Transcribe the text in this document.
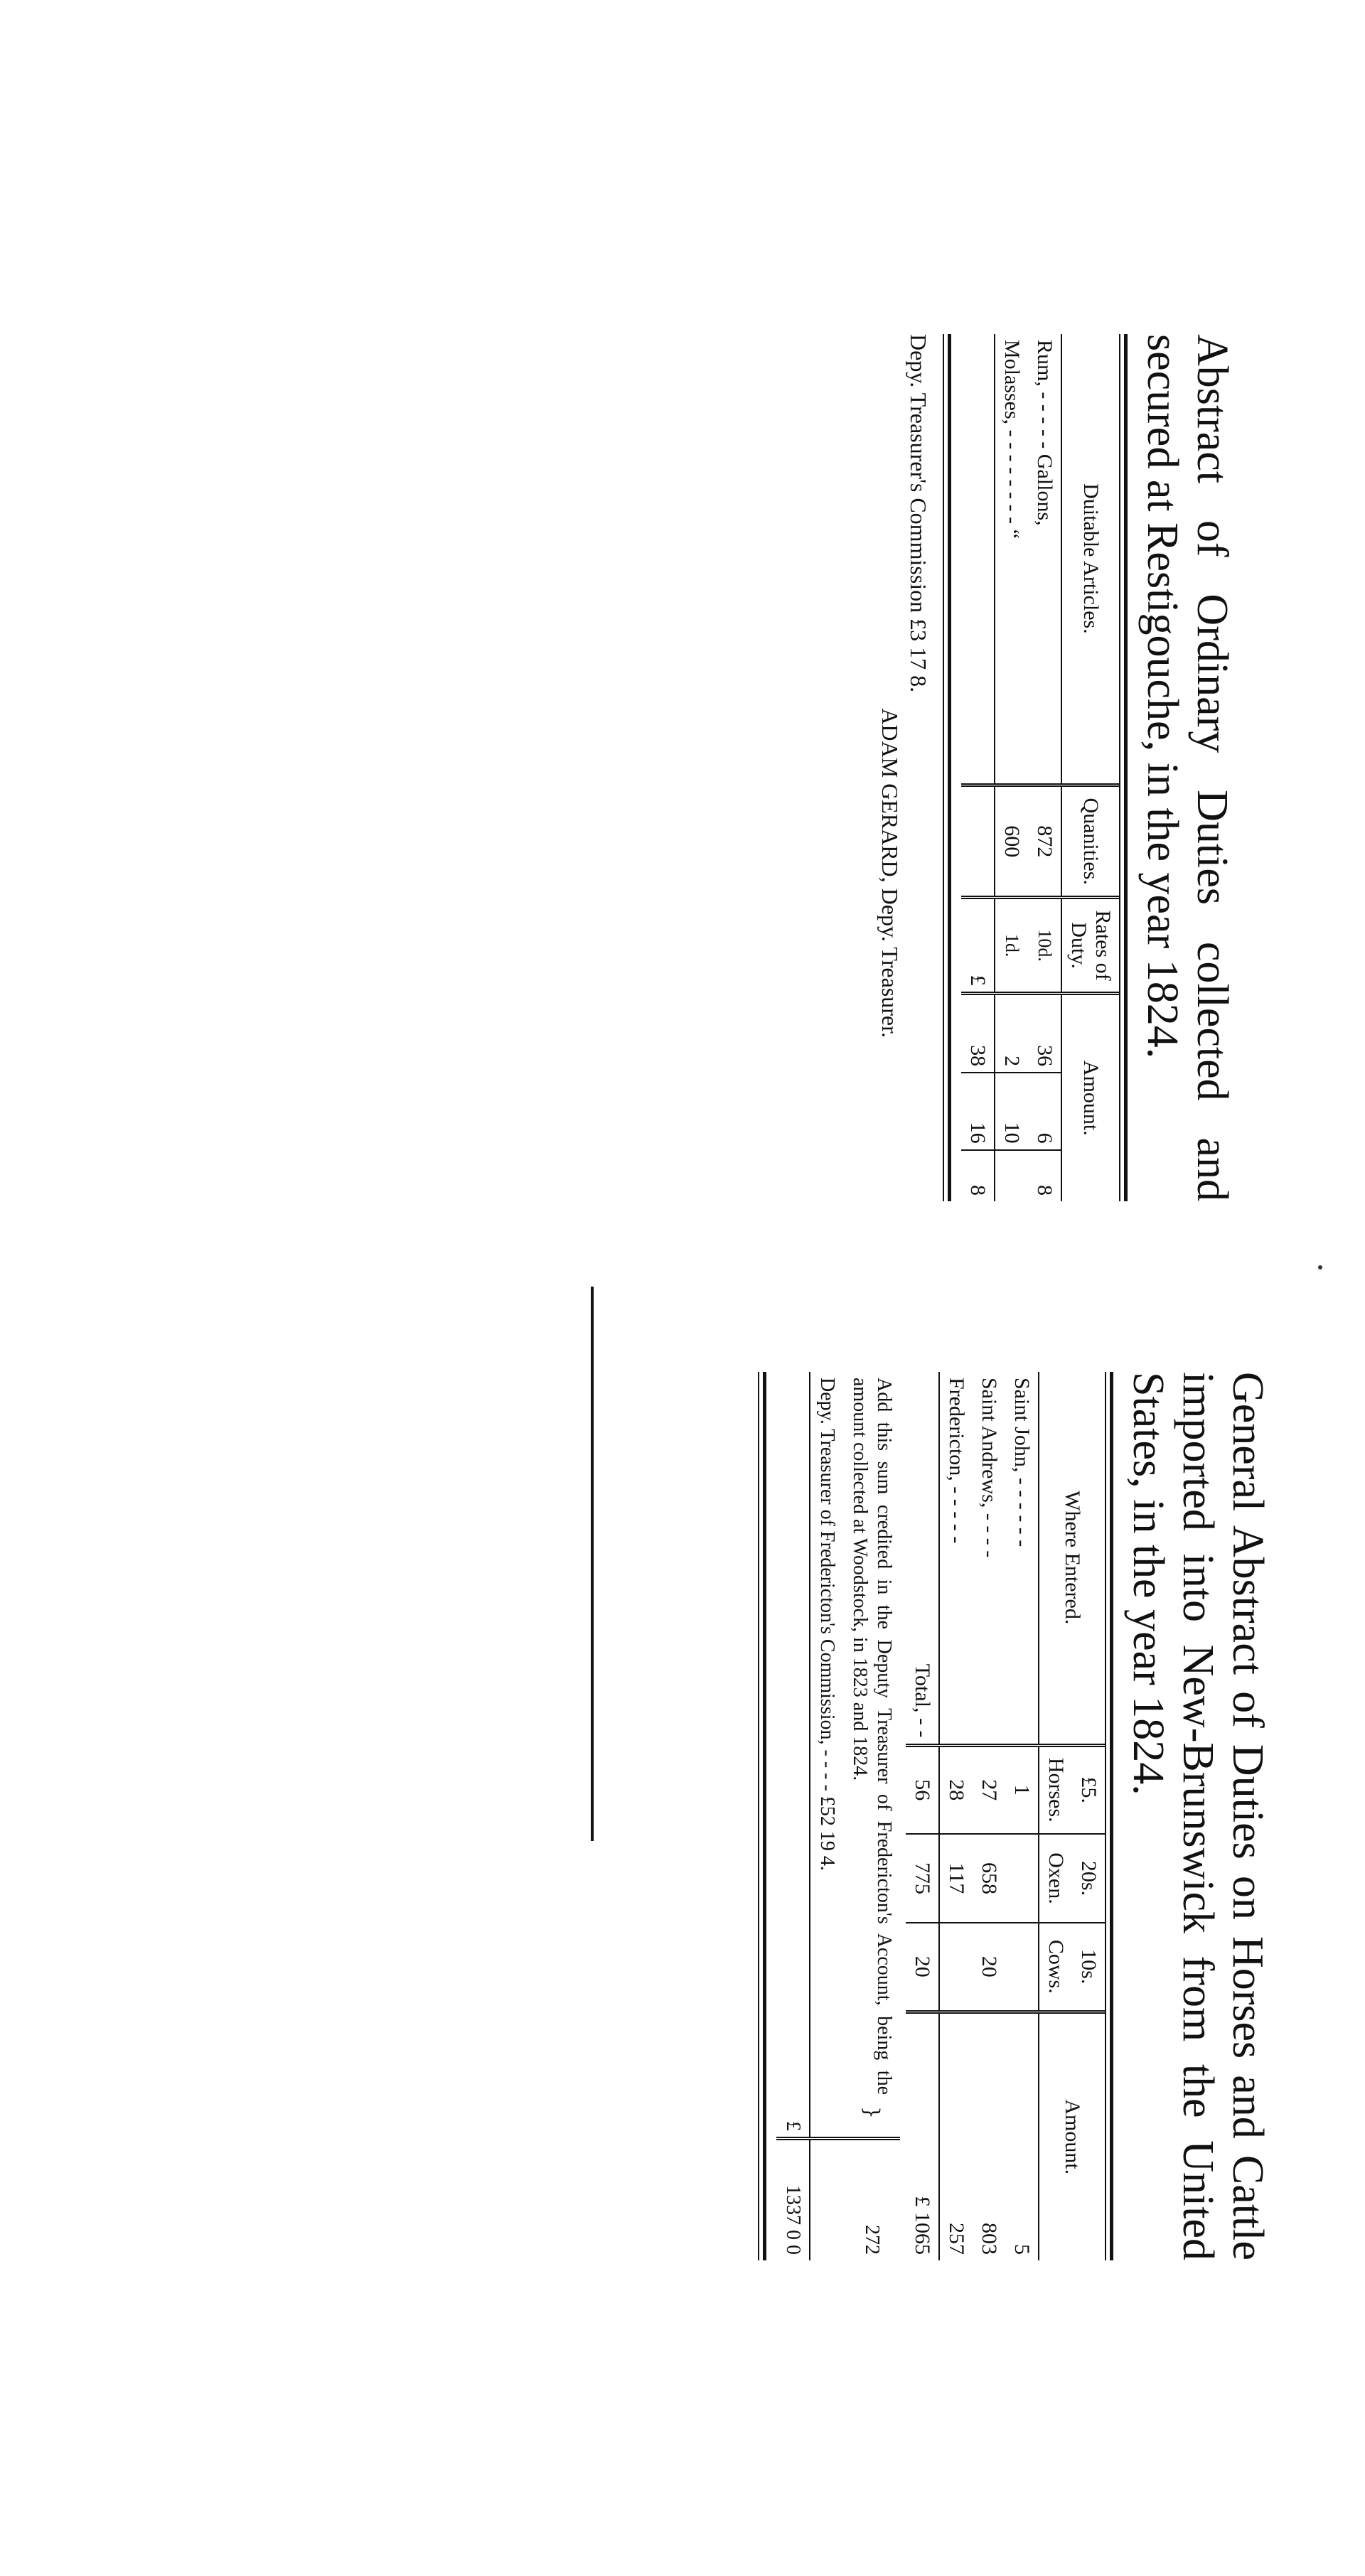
Abstract of Ordinary Duties collected and secured at Restigouche, in the year 1824.
Duitable Articles.	Quanities.	Rates of Duty.	Amount.		
Rum, - - - - - Gallons,	872	10d.	36	6	8
Molasses, - - - - - - - - “	600	1d.	2	10	
		£	38	16	8
Depy. Treasurer's Commission £3 17 8.
ADAM GERARD, Depy. Treasurer.
General Abstract of Duties on Horses and Cattle imported into New-Brunswick from the United States, in the year 1824.
Where Entered.	£5.	20s.	10s.	Amount.
	Horses.	Oxen.	Cows.	
Saint John, - - - - - -	1			5
Saint Andrews, - - - -	27	658	20	803
Fredericton, - - - - -	28	117		257
Total, - -	56	775	20	£ 1065
Add this sum credited in the Deputy Treasurer of Fredericton's Account, being the amount collected at Woodstock, in 1823 and 1824.	}	272
Depy. Treasurer of Fredericton's Commission, - - - - £52 19 4.		
	£	1337 0 0
